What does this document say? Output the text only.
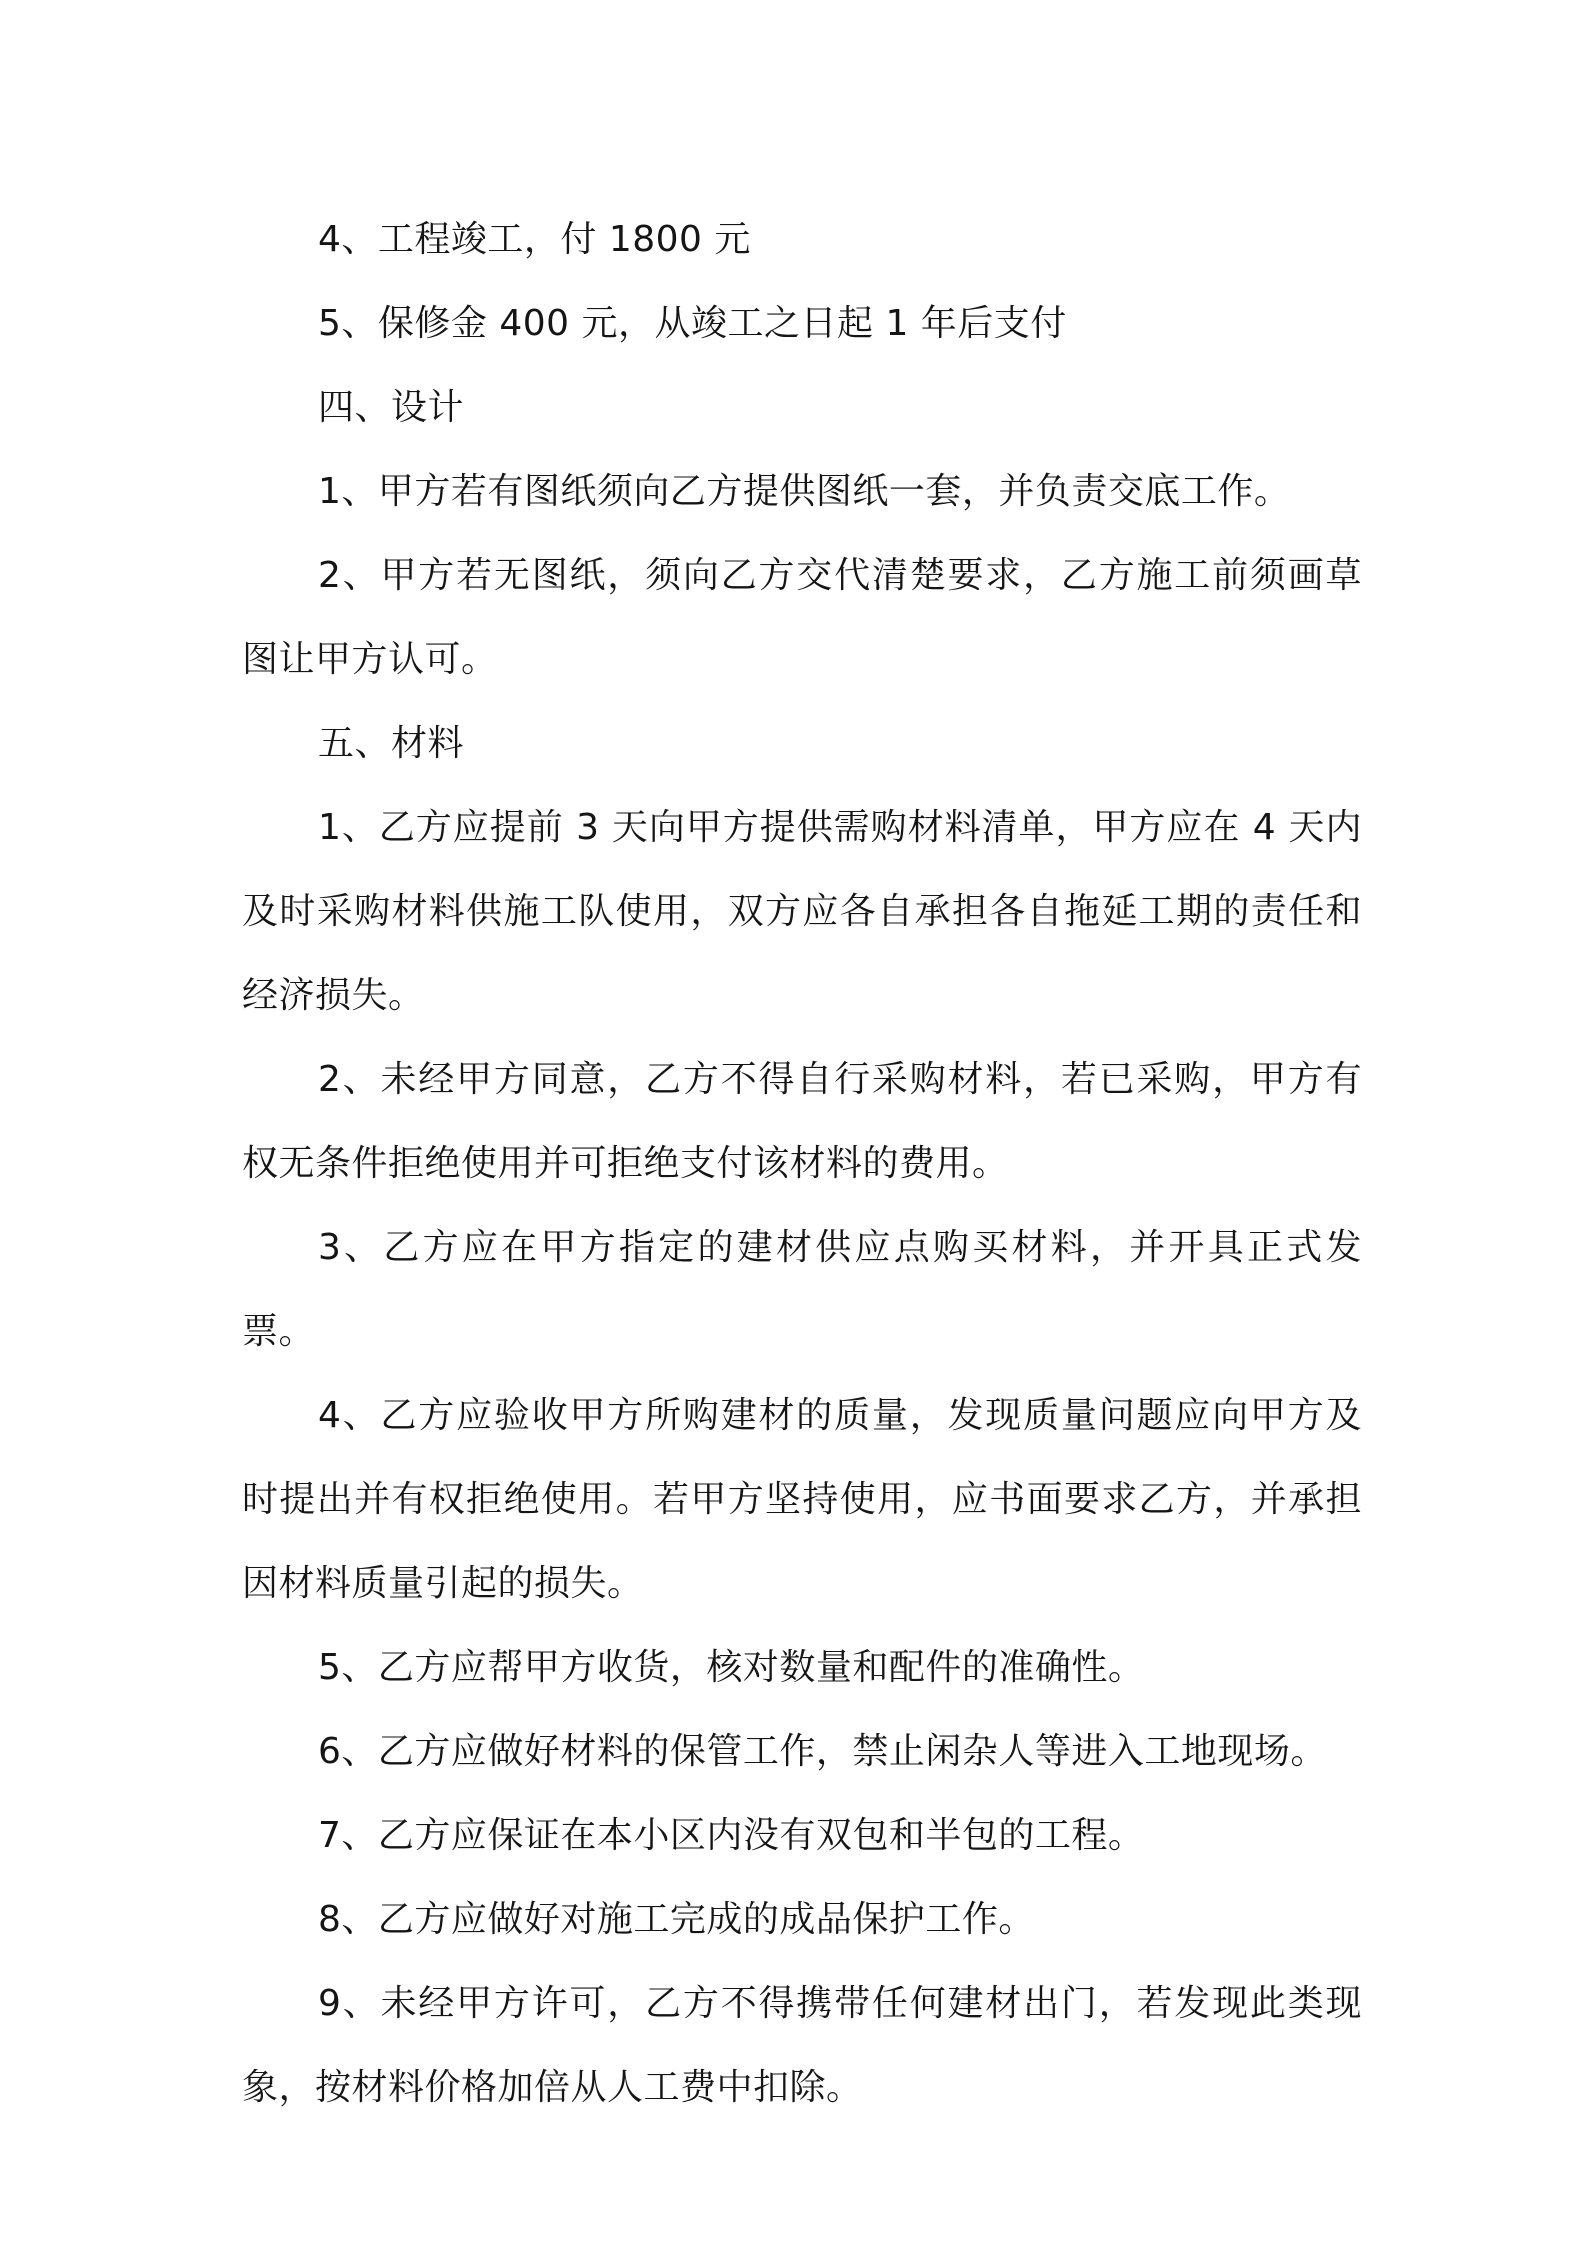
4、工程竣工，付 1800 元

5、保修金 400 元，从竣工之日起 1 年后支付

四、设计

1、甲方若有图纸须向乙方提供图纸一套，并负责交底工作。

2、甲方若无图纸，须向乙方交代清楚要求，乙方施工前须画草图让甲方认可。

五、材料

1、乙方应提前 3 天向甲方提供需购材料清单，甲方应在 4 天内及时采购材料供施工队使用，双方应各自承担各自拖延工期的责任和经济损失。

2、未经甲方同意，乙方不得自行采购材料，若已采购，甲方有权无条件拒绝使用并可拒绝支付该材料的费用。

3、乙方应在甲方指定的建材供应点购买材料，并开具正式发票。

4、乙方应验收甲方所购建材的质量，发现质量问题应向甲方及时提出并有权拒绝使用。若甲方坚持使用，应书面要求乙方，并承担因材料质量引起的损失。

5、乙方应帮甲方收货，核对数量和配件的准确性。

6、乙方应做好材料的保管工作，禁止闲杂人等进入工地现场。

7、乙方应保证在本小区内没有双包和半包的工程。

8、乙方应做好对施工完成的成品保护工作。

9、未经甲方许可，乙方不得携带任何建材出门，若发现此类现象，按材料价格加倍从人工费中扣除。
